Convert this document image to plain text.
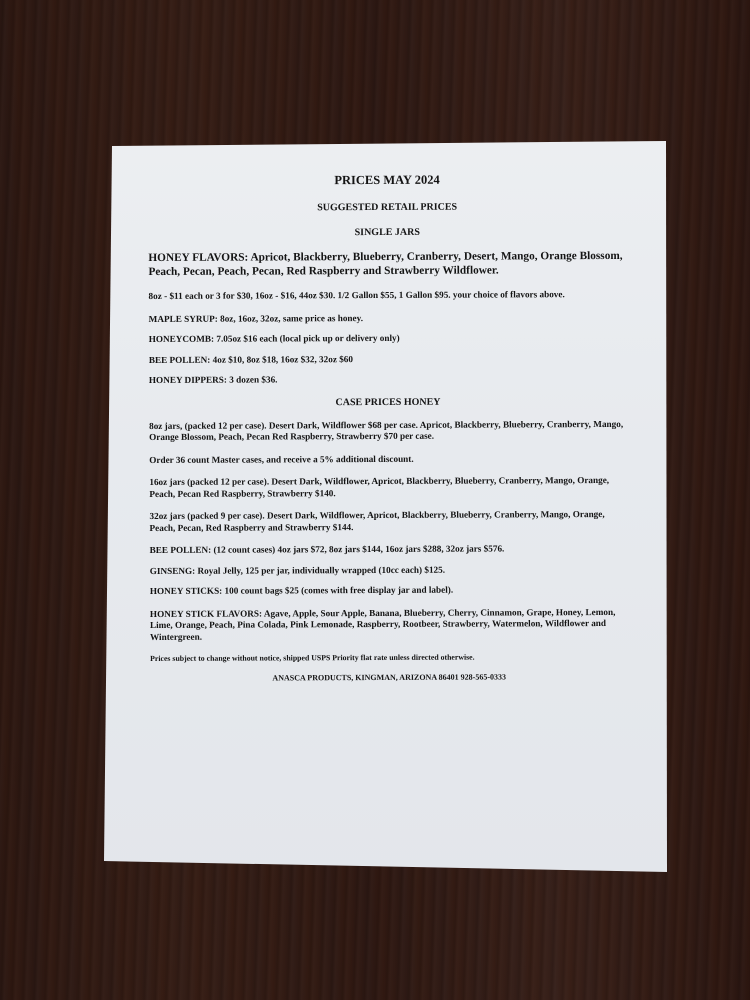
PRICES MAY 2024
SUGGESTED RETAIL PRICES
SINGLE JARS
HONEY FLAVORS: Apricot, Blackberry, Blueberry, Cranberry, Desert, Mango, Orange Blossom, Peach, Pecan, Peach, Pecan, Red Raspberry and Strawberry Wildflower.
8oz - $11 each or 3 for $30, 16oz - $16, 44oz $30. 1/2 Gallon $55, 1 Gallon $95. your choice of flavors above.
MAPLE SYRUP: 8oz, 16oz, 32oz, same price as honey.
HONEYCOMB: 7.05oz $16 each (local pick up or delivery only)
BEE POLLEN: 4oz $10, 8oz $18, 16oz $32, 32oz $60
HONEY DIPPERS: 3 dozen $36.
CASE PRICES HONEY
8oz jars, (packed 12 per case). Desert Dark, Wildflower $68 per case. Apricot, Blackberry, Blueberry, Cranberry, Mango, Orange Blossom, Peach, Pecan Red Raspberry, Strawberry $70 per case.
Order 36 count Master cases, and receive a 5% additional discount.
16oz jars (packed 12 per case). Desert Dark, Wildflower, Apricot, Blackberry, Blueberry, Cranberry, Mango, Orange, Peach, Pecan Red Raspberry, Strawberry $140.
32oz jars (packed 9 per case). Desert Dark, Wildflower, Apricot, Blackberry, Blueberry, Cranberry, Mango, Orange, Peach, Pecan, Red Raspberry and Strawberry $144.
BEE POLLEN: (12 count cases) 4oz jars $72, 8oz jars $144, 16oz jars $288, 32oz jars $576.
GINSENG: Royal Jelly, 125 per jar, individually wrapped (10cc each) $125.
HONEY STICKS: 100 count bags $25 (comes with free display jar and label).
HONEY STICK FLAVORS: Agave, Apple, Sour Apple, Banana, Blueberry, Cherry, Cinnamon, Grape, Honey, Lemon, Lime, Orange, Peach, Pina Colada, Pink Lemonade, Raspberry, Rootbeer, Strawberry, Watermelon, Wildflower and Wintergreen.
Prices subject to change without notice, shipped USPS Priority flat rate unless directed otherwise.
ANASCA PRODUCTS, KINGMAN, ARIZONA 86401 928-565-0333
